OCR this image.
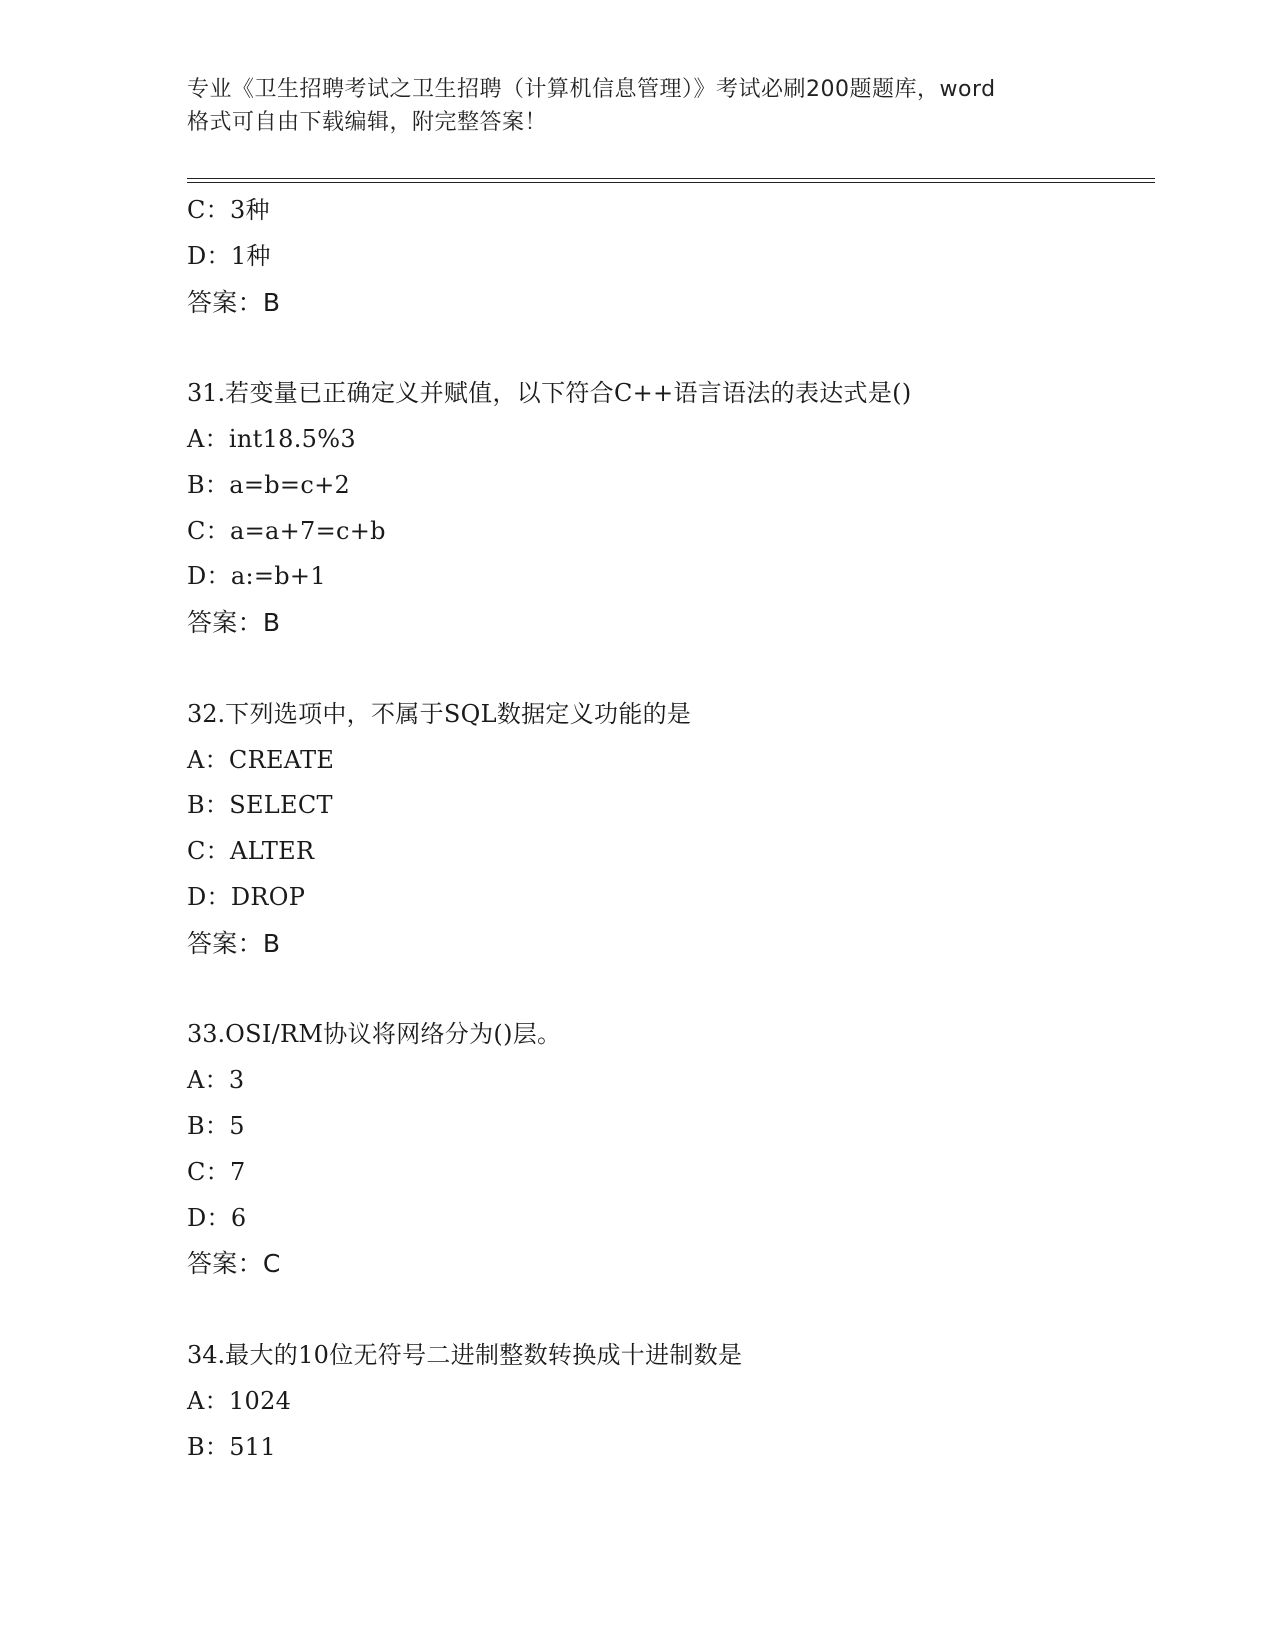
专业《卫生招聘考试之卫生招聘（计算机信息管理）》考试必刷200题题库，word
格式可自由下载编辑，附完整答案！
C：3种
D：1种
答案：B
31.若变量已正确定义并赋值，以下符合C++语言语法的表达式是()
A：int18.5%3
B：a=b=c+2
C：a=a+7=c+b
D：a:=b+1
答案：B
32.下列选项中，不属于SQL数据定义功能的是
A：CREATE
B：SELECT
C：ALTER
D：DROP
答案：B
33.OSI/RM协议将网络分为()层。
A：3
B：5
C：7
D：6
答案：C
34.最大的10位无符号二进制整数转换成十进制数是
A：1024
B：511
